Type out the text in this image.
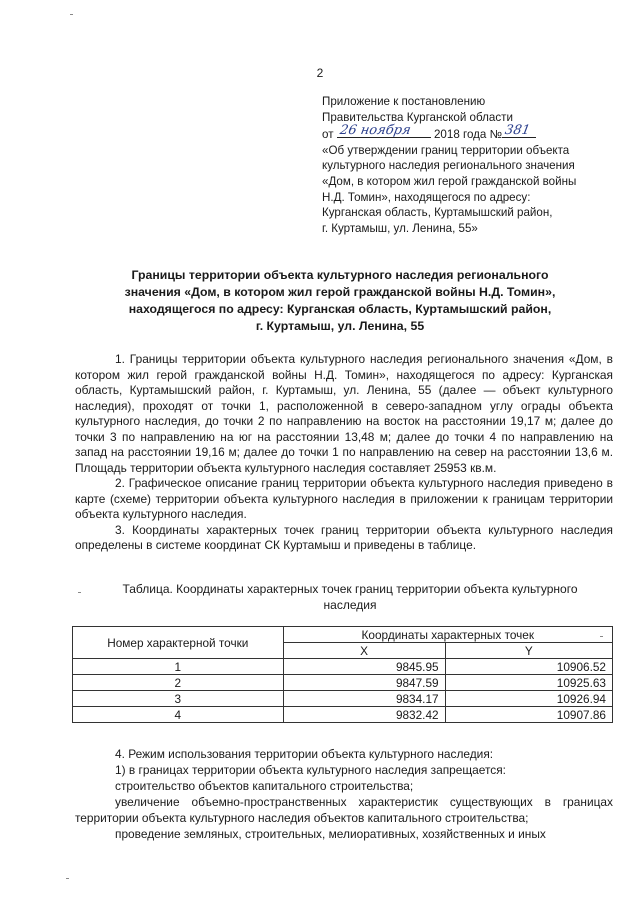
2
Приложение к постановлению
Правительства Курганской области
от 26 ноября 2018 года № 381
«Об утверждении границ территории объекта
культурного наследия регионального значения
«Дом, в котором жил герой гражданской войны
Н.Д. Томин», находящегося по адресу:
Курганская область, Куртамышский район,
г. Куртамыш, ул. Ленина, 55»
Границы территории объекта культурного наследия регионального
значения «Дом, в котором жил герой гражданской войны Н.Д. Томин»,
находящегося по адресу: Курганская область, Куртамышский район,
г. Куртамыш, ул. Ленина, 55

1. Границы территории объекта культурного наследия регионального значения «Дом, в котором жил герой гражданской войны Н.Д. Томин», находящегося по адресу: Курганская область, Куртамышский район, г. Куртамыш, ул. Ленина, 55 (далее — объект культурного наследия), проходят от точки 1, расположенной в северо-западном углу ограды объекта культурного наследия, до точки 2 по направлению на восток на расстоянии 19,17 м; далее до точки 3 по направлению на юг на расстоянии 13,48 м; далее до точки 4 по направлению на запад на расстоянии 19,16 м; далее до точки 1 по направлению на север на расстоянии 13,6 м. Площадь территории объекта культурного наследия составляет 25953 кв.м.

2. Графическое описание границ территории объекта культурного наследия приведено в карте (схеме) территории объекта культурного наследия в приложении к границам территории объекта культурного наследия.

3. Координаты характерных точек границ территории объекта культурного наследия определены в системе координат СК Куртамыш и приведены в таблице.

Таблица. Координаты характерных точек границ территории объекта культурного
наследия
Номер характерной точки	Координаты характерных точек	
	X	Y
1	9845.95	10906.52
2	9847.59	10925.63
3	9834.17	10926.94
4	9832.42	10907.86

4. Режим использования территории объекта культурного наследия:

1) в границах территории объекта культурного наследия запрещается:

строительство объектов капитального строительства;

увеличение объемно-пространственных характеристик существующих в границах территории объекта культурного наследия объектов капитального строительства;

проведение земляных, строительных, мелиоративных, хозяйственных и иных
